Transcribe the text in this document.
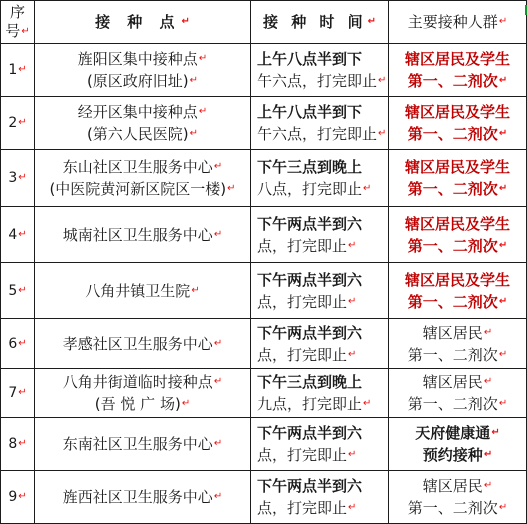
序
号↵	接 种 点↵	接 种 时 间↵	主要接种人群↵

1↵	旌阳区集中接种点↵
(原区政府旧址)↵	上午八点半到下
午六点，打完即止↵	辖区居民及学生
第一、二剂次↵

2↵	经开区集中接种点↵
(第六人民医院)↵	上午八点半到下
午六点，打完即止↵	辖区居民及学生
第一、二剂次↵

3↵	东山社区卫生服务中心↵
(中医院黄河新区院区一楼)↵	下午三点到晚上
八点，打完即止↵	辖区居民及学生
第一、二剂次↵

4↵	城南社区卫生服务中心↵	下午两点半到六
点，打完即止↵	辖区居民及学生
第一、二剂次↵

5↵	八角井镇卫生院↵	下午两点半到六
点，打完即止↵	辖区居民及学生
第一、二剂次↵

6↵	孝感社区卫生服务中心↵	下午两点半到六
点，打完即止↵	辖区居民↵
第一、二剂次↵

7↵	八角井街道临时接种点↵
(吾 悦 广 场)↵	下午三点到晚上
九点，打完即止↵	辖区居民↵
第一、二剂次↵

8↵	东南社区卫生服务中心↵	下午两点半到六
点，打完即止↵	天府健康通↵
预约接种↵

9↵	旌西社区卫生服务中心↵	下午两点半到六
点，打完即止↵	辖区居民↵
第一、二剂次↵
